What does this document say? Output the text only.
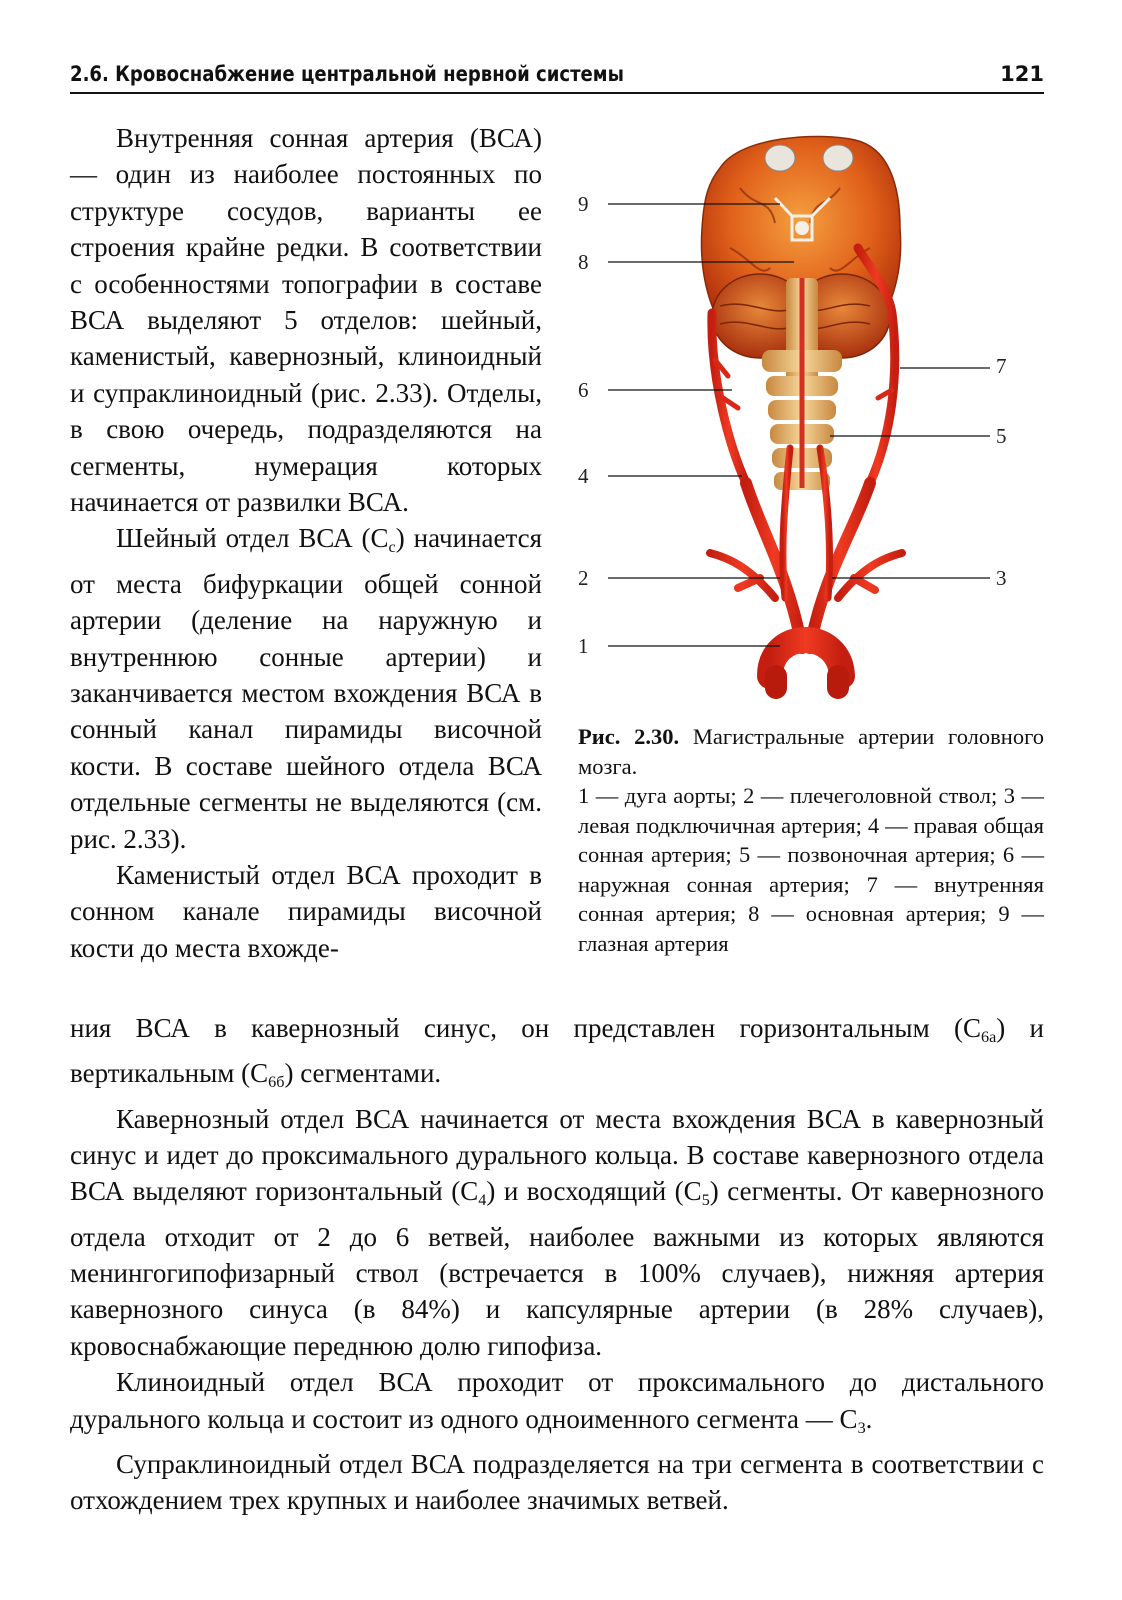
2.6. Кровоснабжение центральной нервной системы	121

Внутренняя сонная артерия (ВСА) — один из наиболее постоянных по структуре сосудов, варианты ее строения крайне редки. В соответствии с особенностями топографии в составе ВСА выделяют 5 отделов: шейный, каменистый, кавернозный, клиноидный и супраклиноидный (рис. 2.33). Отделы, в свою очередь, подразделяются на сегменты, нумерация которых начинается от развилки ВСА.

Шейный отдел ВСА $(C_c)$ начинается от места бифуркации общей сонной артерии (деление на наружную и внутреннюю сонные артерии) и заканчивается местом вхождения ВСА в сонный канал пирамиды височной кости. В составе шейного отдела ВСА отдельные сегменты не выделяются (см. рис. 2.33).

Каменистый отдел ВСА проходит в сонном канале пирамиды височной кости до места вхожде-

9
8
7
6
5
4
2	3
1
Рис. 2.30. Магистральные артерии головного мозга.
1 — дуга аорты; 2 — плечеголовной ствол; 3 — левая подключичная артерия; 4 — правая общая сонная артерия; 5 — позвоночная артерия; 6 — наружная сонная артерия; 7 — внутренняя сонная артерия; 8 — основная артерия; 9 — глазная артерия

ния ВСА в кавернозный синус, он представлен горизонтальным $(C_{6a})$ и вертикальным $(C_{6б})$ сегментами.

Кавернозный отдел ВСА начинается от места вхождения ВСА в кавернозный синус и идет до проксимального дурального кольца. В составе кавернозного отдела ВСА выделяют горизонтальный $(C_4)$ и восходящий $(C_5)$ сегменты. От кавернозного отдела отходит от 2 до 6 ветвей, наиболее важными из которых являются менингогипофизарный ствол (встречается в 100% случаев), нижняя артерия кавернозного синуса (в 84%) и капсулярные артерии (в 28% случаев), кровоснабжающие переднюю долю гипофиза.

Клиноидный отдел ВСА проходит от проксимального до дистального дурального кольца и состоит из одного одноименного сегмента — $C_3$.

Супраклиноидный отдел ВСА подразделяется на три сегмента в соответствии с отхождением трех крупных и наиболее значимых ветвей.
